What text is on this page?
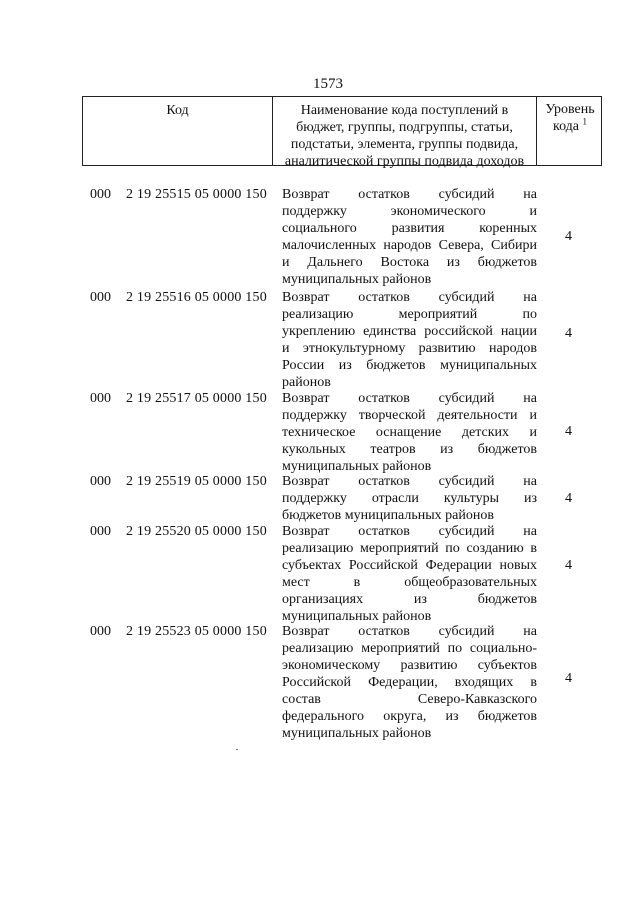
1573
Код	Наименование кода поступлений в
бюджет, группы, подгруппы, статьи,
подстатьи, элемента, группы подвида,
аналитической группы подвида доходов
Уровень
кода $^1$
000 2 19 25515 05 0000 150 Возврат остатков субсидий на
поддержку экономического и
социального развития коренных
малочисленных народов Севера, Сибири
и Дальнего Востока из бюджетов
муниципальных районов
4
000 2 19 25516 05 0000 150 Возврат остатков субсидий на
реализацию мероприятий по
укреплению единства российской нации
и этнокультурному развитию народов
России из бюджетов муниципальных
районов
4
000 2 19 25517 05 0000 150 Возврат остатков субсидий на
поддержку творческой деятельности и
техническое оснащение детских и
кукольных театров из бюджетов
муниципальных районов
4
000 2 19 25519 05 0000 150 Возврат остатков субсидий на
поддержку отрасли культуры из
бюджетов муниципальных районов
4
000 2 19 25520 05 0000 150 Возврат остатков субсидий на
реализацию мероприятий по созданию в
субъектах Российской Федерации новых
мест в общеобразовательных
организациях из бюджетов
муниципальных районов
4
000 2 19 25523 05 0000 150 Возврат остатков субсидий на
реализацию мероприятий по социально-
экономическому развитию субъектов
Российской Федерации, входящих в
состав Северо-Кавказского
федерального округа, из бюджетов
муниципальных районов
4
